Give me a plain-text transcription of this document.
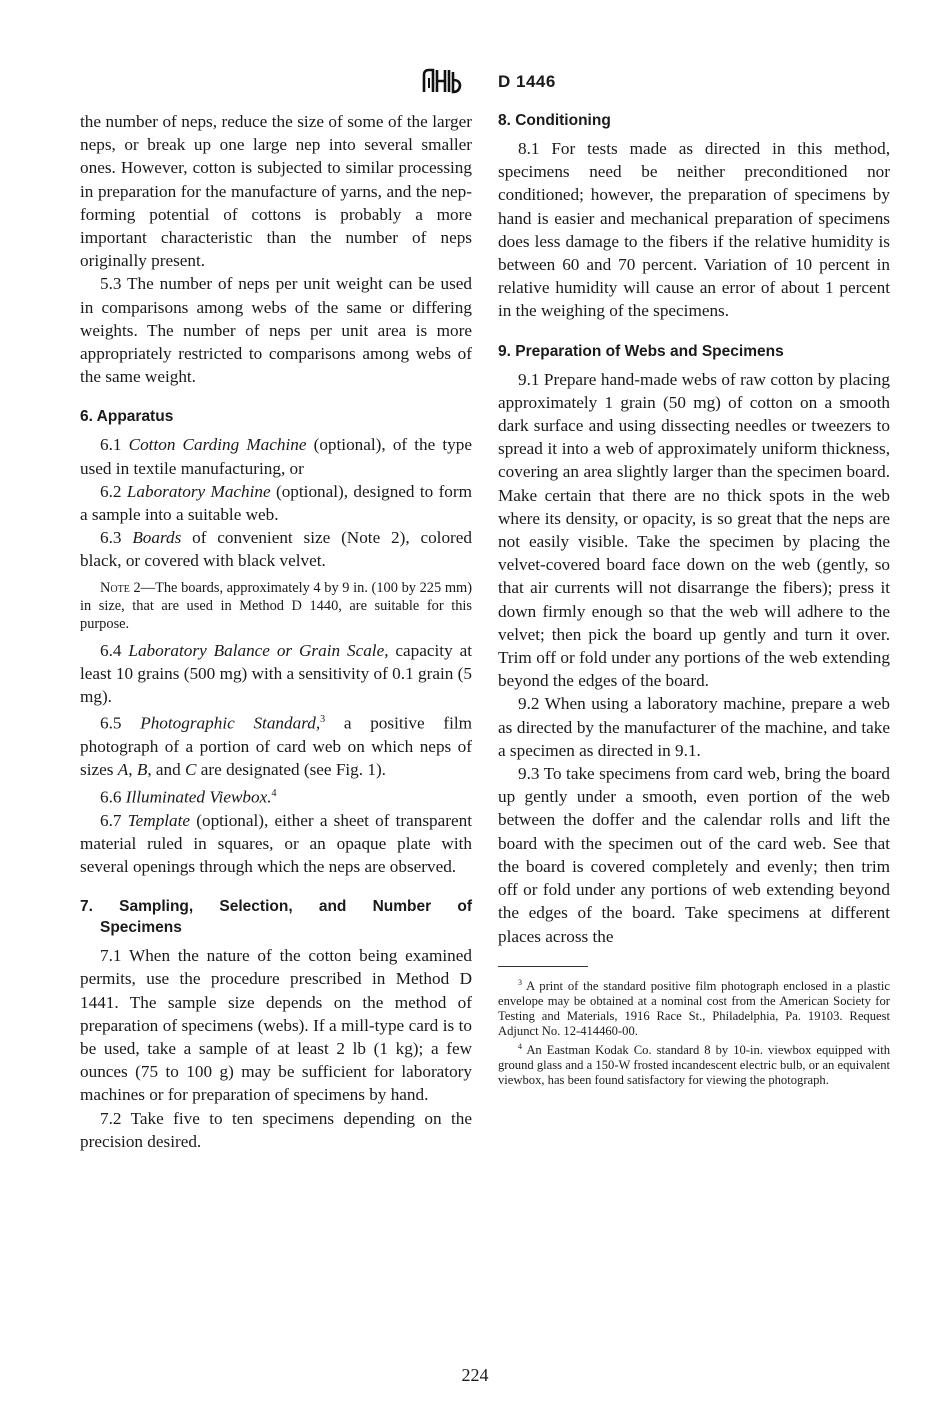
D 1446

the number of neps, reduce the size of some of the larger neps, or break up one large nep into several smaller ones. However, cotton is subjected to similar processing in preparation for the manufacture of yarns, and the nep-forming potential of cottons is probably a more important characteristic than the number of neps originally present.

5.3 The number of neps per unit weight can be used in comparisons among webs of the same or differing weights. The number of neps per unit area is more appropriately restricted to comparisons among webs of the same weight.

6. Apparatus

6.1 Cotton Carding Machine (optional), of the type used in textile manufacturing, or

6.2 Laboratory Machine (optional), designed to form a sample into a suitable web.

6.3 Boards of convenient size (Note 2), colored black, or covered with black velvet.

Note 2—The boards, approximately 4 by 9 in. (100 by 225 mm) in size, that are used in Method D 1440, are suitable for this purpose.

6.4 Laboratory Balance or Grain Scale, capacity at least 10 grains (500 mg) with a sensitivity of 0.1 grain (5 mg).

6.5 Photographic Standard,$^3$ a positive film photograph of a portion of card web on which neps of sizes A, B, and C are designated (see Fig. 1).

6.6 Illuminated Viewbox.$^4$

6.7 Template (optional), either a sheet of transparent material ruled in squares, or an opaque plate with several openings through which the neps are observed.

7. Sampling, Selection, and Number of
Specimens

7.1 When the nature of the cotton being examined permits, use the procedure prescribed in Method D 1441. The sample size depends on the method of preparation of specimens (webs). If a mill-type card is to be used, take a sample of at least 2 lb (1 kg); a few ounces (75 to 100 g) may be sufficient for laboratory machines or for preparation of specimens by hand.

7.2 Take five to ten specimens depending on the precision desired.

8. Conditioning

8.1 For tests made as directed in this method, specimens need be neither preconditioned nor conditioned; however, the preparation of specimens by hand is easier and mechanical preparation of specimens does less damage to the fibers if the relative humidity is between 60 and 70 percent. Variation of 10 percent in relative humidity will cause an error of about 1 percent in the weighing of the specimens.

9. Preparation of Webs and Specimens

9.1 Prepare hand-made webs of raw cotton by placing approximately 1 grain (50 mg) of cotton on a smooth dark surface and using dissecting needles or tweezers to spread it into a web of approximately uniform thickness, covering an area slightly larger than the specimen board. Make certain that there are no thick spots in the web where its density, or opacity, is so great that the neps are not easily visible. Take the specimen by placing the velvet-covered board face down on the web (gently, so that air currents will not disarrange the fibers); press it down firmly enough so that the web will adhere to the velvet; then pick the board up gently and turn it over. Trim off or fold under any portions of the web extending beyond the edges of the board.

9.2 When using a laboratory machine, prepare a web as directed by the manufacturer of the machine, and take a specimen as directed in 9.1.

9.3 To take specimens from card web, bring the board up gently under a smooth, even portion of the web between the doffer and the calendar rolls and lift the board with the specimen out of the card web. See that the board is covered completely and evenly; then trim off or fold under any portions of web extending beyond the edges of the board. Take specimens at different places across the

$^3$ A print of the standard positive film photograph enclosed in a plastic envelope may be obtained at a nominal cost from the American Society for Testing and Materials, 1916 Race St., Philadelphia, Pa. 19103. Request Adjunct No. 12-414460-00.

$^4$ An Eastman Kodak Co. standard 8 by 10-in. viewbox equipped with ground glass and a 150-W frosted incandescent electric bulb, or an equivalent viewbox, has been found satisfactory for viewing the photograph.

224
